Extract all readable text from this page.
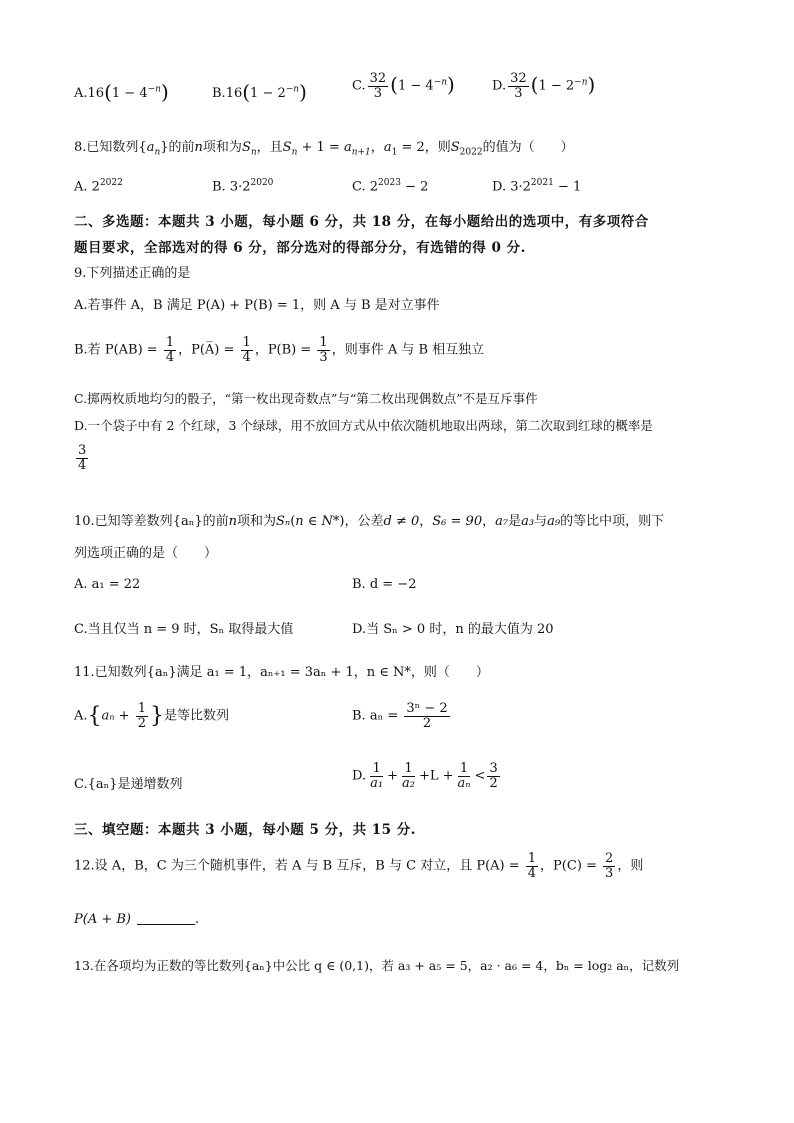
$A.16(1 - 4^{-n})$	$B.16(1 - 2^{-n})$	C. $\frac{32}{3} (1 - 4^{-n})$	D. $\frac{32}{3} (1 - 2^{-n})$
8.已知数列$\{a_n\}$的前n项和为$S_n$，且$S_n + 1 = a_{n+1}$，$a_1 = 2$，则$S_{2022}$的值为（　　）
A. $2^{2022}$	B. $3\cdot 2^{2020}$	C. $2^{2023} - 2$	D. $3\cdot 2^{2021} - 1$
二、多选题：本题共 3 小题，每小题 6 分，共 18 分，在每小题给出的选项中，有多项符合
题目要求，全部选对的得 6 分，部分选对的得部分分，有选错的得 0 分.
9.下列描述正确的是
A.若事件 A，B 满足 P(A) + P(B) = 1，则 A 与 B 是对立事件
B.若 $P(AB) = \frac{1}{4}$ ，P(A̅) = $\frac{1}{4}$ ，$P(B) = \frac{1}{3}$ ，则事件 A 与 B 相互独立
C.掷两枚质地均匀的骰子，“第一枚出现奇数点”与“第二枚出现偶数点”不是互斥事件
D.一个袋子中有 2 个红球，3 个绿球，用不放回方式从中依次随机地取出两球，第二次取到红球的概率是
$\frac{3}{4}$
10.已知等差数列{aₙ}的前n项和为Sₙ(n ∈ N*)，公差d ≠ 0，S₆ = 90，a₇是a₃与a₉的等比中项，则下
列选项正确的是（　　）
A. a₁ = 22	B. d = −2
C.当且仅当 n = 9 时，Sₙ 取得最大值	D.当 Sₙ > 0 时，n 的最大值为 20
11.已知数列{aₙ}满足 a₁ = 1，aₙ₊₁ = 3aₙ + 1，n ∈ N*，则（　　）
$A.\{a_n + \frac{1}{2}$ }是等比数列	B. $a_n = \frac{\text{3ⁿ − 2}}{2}$
C.{aₙ}是递增数列
D. $\frac{1}{\text{a₁}} + \frac{1}{\text{a₂}} +L + \frac{1}{\text{aₙ}} < \frac{3}{2}$
三、填空题：本题共 3 小题，每小题 5 分，共 15 分.
12.设 A，B，C 为三个随机事件，若 A 与 B 互斥，B 与 C 对立，且 $P(A) = \frac{1}{4}$ ，$P(C) = \frac{2}{3}$ ，则
P(A + B)	.
13.在各项均为正数的等比数列{aₙ}中公比 q ∈ (0,1)，若 a₃ + a₅ = 5，a₂ · a₆ = 4，bₙ = log₂ aₙ，记数列
